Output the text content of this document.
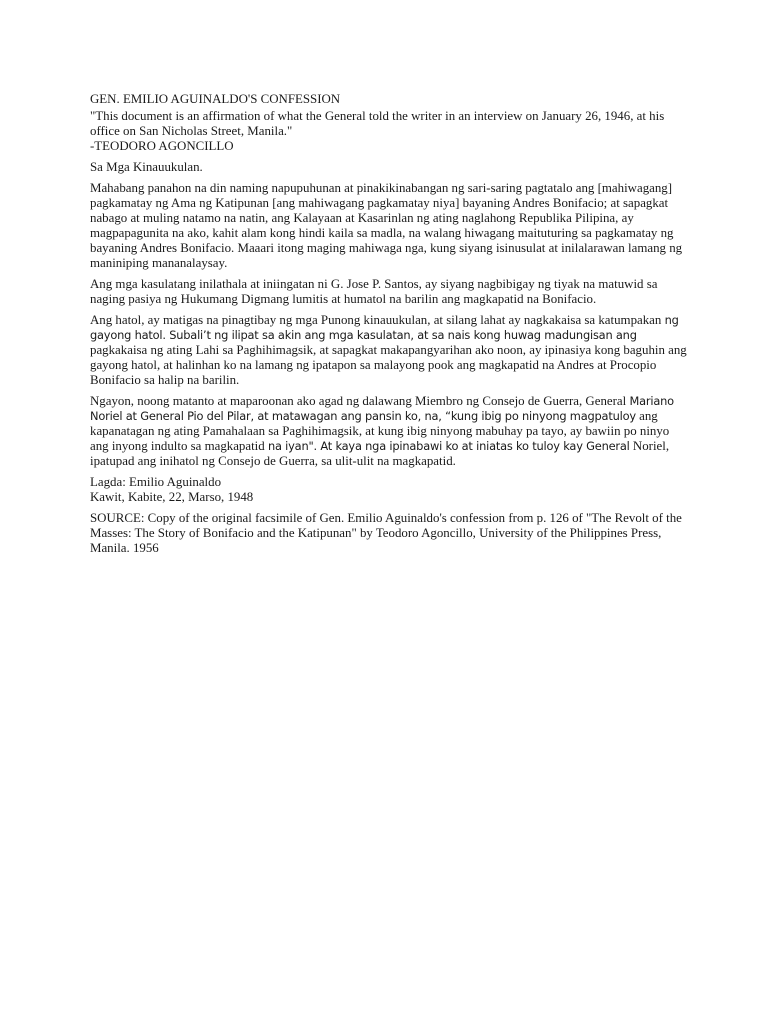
GEN. EMILIO AGUINALDO'S CONFESSION
"This document is an affirmation of what the General told the writer in an interview on January 26, 1946, at his office on San Nicholas Street, Manila."
-TEODORO AGONCILLO
Sa Mga Kinauukulan.
Mahabang panahon na din naming napupuhunan at pinakikinabangan ng sari-saring pagtatalo ang [mahiwagang] pagkamatay ng Ama ng Katipunan [ang mahiwagang pagkamatay niya] bayaning Andres Bonifacio; at sapagkat nabago at muling natamo na natin, ang Kalayaan at Kasarinlan ng ating naglahong Republika Pilipina, ay magpapagunita na ako, kahit alam kong hindi kaila sa madla, na walang hiwagang maituturing sa pagkamatay ng bayaning Andres Bonifacio. Maaari itong maging mahiwaga nga, kung siyang isinusulat at inilalarawan lamang ng maniniping mananalaysay.
Ang mga kasulatang inilathala at iniingatan ni G. Jose P. Santos, ay siyang nagbibigay ng tiyak na matuwid sa naging pasiya ng Hukumang Digmang lumitis at humatol na barilin ang magkapatid na Bonifacio.
Ang hatol, ay matigas na pinagtibay ng mga Punong kinauukulan, at silang lahat ay nagkakaisa sa katumpakan ng gayong hatol. Subali’t ng ilipat sa akin ang mga kasulatan, at sa nais kong huwag madungisan ang pagkakaisa ng ating Lahi sa Paghihimagsik, at sapagkat makapangyarihan ako noon, ay ipinasiya kong baguhin ang gayong hatol, at halinhan ko na lamang ng ipatapon sa malayong pook ang magkapatid na Andres at Procopio Bonifacio sa halip na barilin.
Ngayon, noong matanto at maparoonan ako agad ng dalawang Miembro ng Consejo de Guerra, General Mariano Noriel at General Pio del Pilar, at matawagan ang pansin ko, na, “kung ibig po ninyong magpatuloy ang kapanatagan ng ating Pamahalaan sa Paghihimagsik, at kung ibig ninyong mabuhay pa tayo, ay bawiin po ninyo ang inyong indulto sa magkapatid na iyan". At kaya nga ipinabawi ko at iniatas ko tuloy kay General Noriel, ipatupad ang inihatol ng Consejo de Guerra, sa ulit-ulit na magkapatid.
Lagda: Emilio Aguinaldo
Kawit, Kabite, 22, Marso, 1948
SOURCE: Copy of the original facsimile of Gen. Emilio Aguinaldo's confession from p. 126 of "The Revolt of the Masses: The Story of Bonifacio and the Katipunan" by Teodoro Agoncillo, University of the Philippines Press, Manila. 1956
